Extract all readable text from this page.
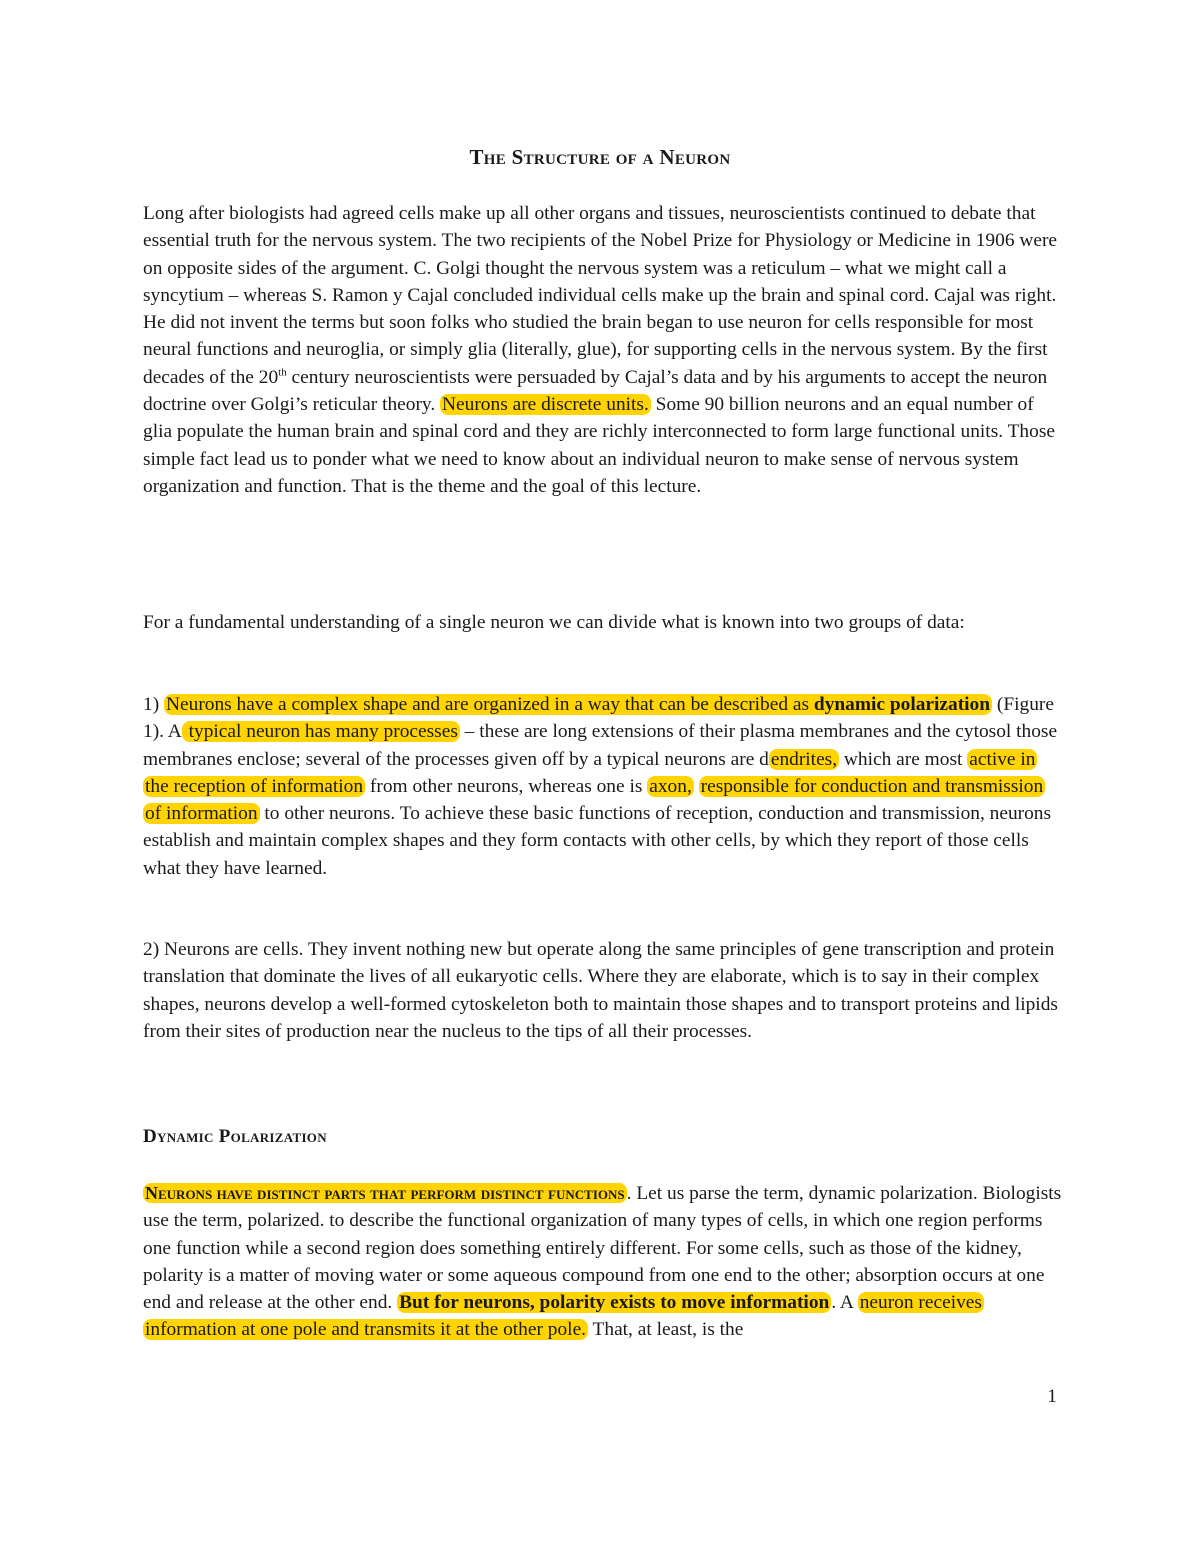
The Structure of a Neuron

Long after biologists had agreed cells make up all other organs and tissues, neuroscientists continued to debate that essential truth for the nervous system. The two recipients of the Nobel Prize for Physiology or Medicine in 1906 were on opposite sides of the argument. C. Golgi thought the nervous system was a reticulum – what we might call a syncytium – whereas S. Ramon y Cajal concluded individual cells make up the brain and spinal cord. Cajal was right. He did not invent the terms but soon folks who studied the brain began to use neuron for cells responsible for most neural functions and neuroglia, or simply glia (literally, glue), for supporting cells in the nervous system. By the first decades of the 20th century neuroscientists were persuaded by Cajal’s data and by his arguments to accept the neuron doctrine over Golgi’s reticular theory. Neurons are discrete units. Some 90 billion neurons and an equal number of glia populate the human brain and spinal cord and they are richly interconnected to form large functional units. Those simple fact lead us to ponder what we need to know about an individual neuron to make sense of nervous system organization and function. That is the theme and the goal of this lecture.

For a fundamental understanding of a single neuron we can divide what is known into two groups of data:

1) Neurons have a complex shape and are organized in a way that can be described as dynamic polarization (Figure 1). A typical neuron has many processes – these are long extensions of their plasma membranes and the cytosol those membranes enclose; several of the processes given off by a typical neurons are d endrites, which are most active in the reception of information from other neurons, whereas one is axon, responsible for conduction and transmission of information to other neurons. To achieve these basic functions of reception, conduction and transmission, neurons establish and maintain complex shapes and they form contacts with other cells, by which they report of those cells what they have learned.

2) Neurons are cells. They invent nothing new but operate along the same principles of gene transcription and protein translation that dominate the lives of all eukaryotic cells. Where they are elaborate, which is to say in their complex shapes, neurons develop a well-formed cytoskeleton both to maintain those shapes and to transport proteins and lipids from their sites of production near the nucleus to the tips of all their processes.

Dynamic Polarization

Neurons have distinct parts that perform distinct functions . Let us parse the term, dynamic polarization. Biologists use the term, polarized. to describe the functional organization of many types of cells, in which one region performs one function while a second region does something entirely different. For some cells, such as those of the kidney, polarity is a matter of moving water or some aqueous compound from one end to the other; absorption occurs at one end and release at the other end. But for neurons, polarity exists to move information . A neuron receives information at one pole and transmits it at the other pole. That, at least, is the

1
